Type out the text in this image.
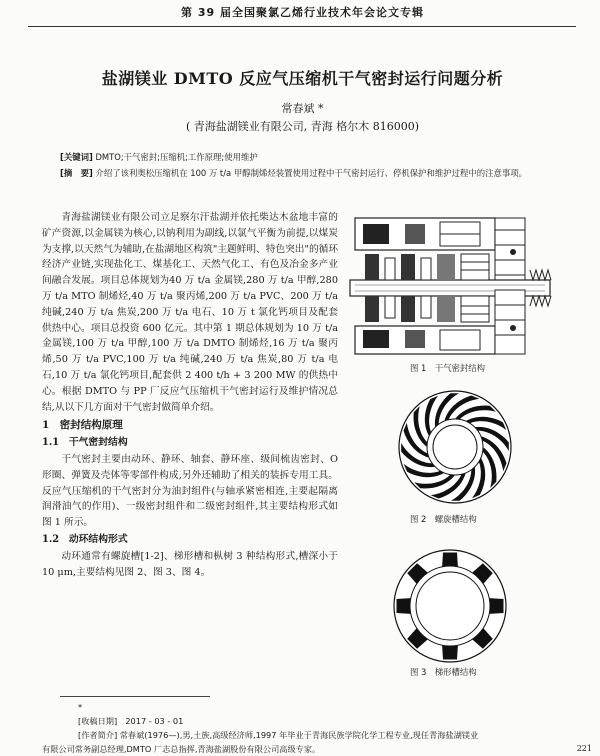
第 39 届全国聚氯乙烯行业技术年会论文专辑
盐湖镁业 DMTO 反应气压缩机干气密封运行问题分析
常春斌 *
( 青海盐湖镁业有限公司, 青海 格尔木 816000)
[关键词] DMTO;干气密封;压缩机;工作原理;使用维护
[摘　要] 介绍了该利奥松压缩机在 100 万 t/a 甲醇制烯烃装置使用过程中干气密封运行、停机保护和维护过程中的注意事项。

青海盐湖镁业有限公司立足察尔汗盐湖并依托柴达木盆地丰富的矿产资源,以金属镁为核心,以钠利用为副线,以氯气平衡为前提,以煤炭为支撑,以天然气为辅助,在盐湖地区构筑"主题鲜明、特色突出"的循环经济产业链,实现盐化工、煤基化工、天然气化工、有色及冶金多产业间融合发展。项目总体规划为40 万 t/a 金属镁,280 万 t/a 甲醇,280 万 t/a MTO 制烯烃,40 万 t/a 聚丙烯,200 万 t/a PVC、200 万 t/a 纯碱,240 万 t/a 焦炭,200 万 t/a 电石、10 万 t 氯化钙项目及配套供热中心。项目总投资 600 亿元。其中第 1 期总体规划为 10 万 t/a 金属镁,100 万 t/a 甲醇,100 万 t/a DMTO 制烯烃,16 万 t/a 聚丙烯,50 万 t/a PVC,100 万 t/a 纯碱,240 万 t/a 焦炭,80 万 t/a 电石,10 万 t/a 氯化钙项目,配套供 2 400 t/h + 3 200 MW 的供热中心。根据 DMTO 与 PP 厂反应气压缩机干气密封运行及维护情况总结,从以下几方面对干气密封做简单介绍。

1　密封结构原理
1.1　干气密封结构

干气密封主要由动环、静环、轴套、静环座、级间梳齿密封、O 形圈、弹簧及壳体等零部件构成,另外还辅助了相关的装拆专用工具。反应气压缩机的干气密封分为油封组件(与轴承紧密相连,主要起隔离润滑油气的作用)、一级密封组件和二级密封组件,其主要结构形式如图 1 所示。

1.2　动环结构形式

动环通常有螺旋槽[1-2]、梯形槽和枞树 3 种结构形式,槽深小于 10 μm,主要结构见图 2、图 3、图 4。

图 1　干气密封结构
图 2　螺旋槽结构
图 3　梯形槽结构
*
[收稿日期]　2017 - 03 - 01
[作者简介] 常春斌(1976—),男,土族,高级经济师,1997 年毕业于青海民族学院化学工程专业,现任青海盐湖镁业
有限公司常务副总经理,DMTO 厂志总指挥,青海盐湖股份有限公司高级专家。	221
